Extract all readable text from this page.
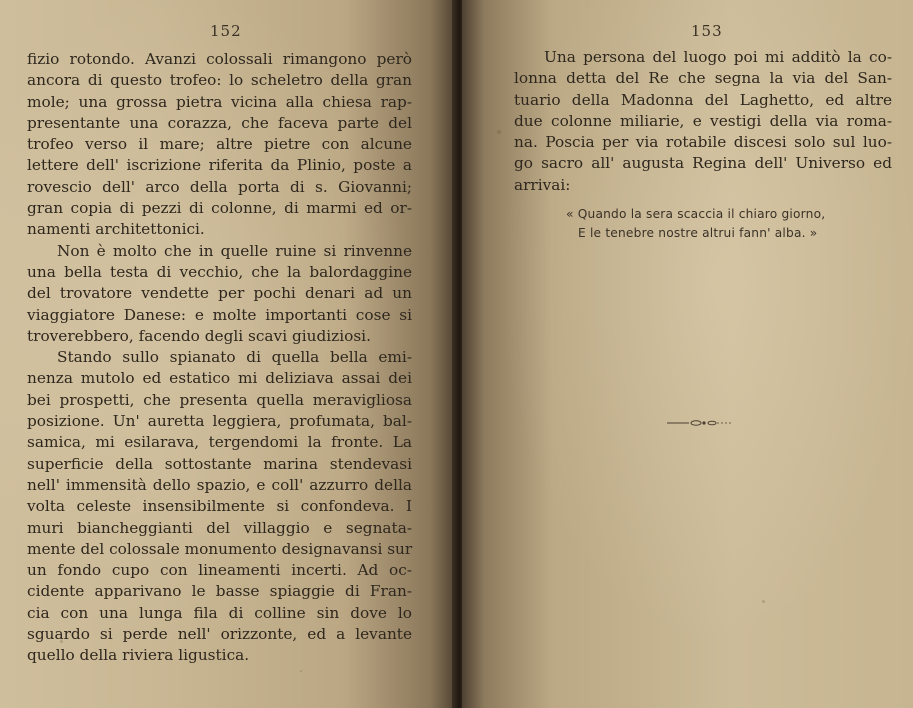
152
fizio rotondo. Avanzi colossali rimangono però
ancora di questo trofeo: lo scheletro della gran
mole; una grossa pietra vicina alla chiesa rap-
presentante una corazza, che faceva parte del
trofeo verso il mare; altre pietre con alcune
lettere dell' iscrizione riferita da Plinio, poste a
rovescio dell' arco della porta di s. Giovanni;
gran copia di pezzi di colonne, di marmi ed or-
namenti architettonici.
Non è molto che in quelle ruine si rinvenne
una bella testa di vecchio, che la balordaggine
del trovatore vendette per pochi denari ad un
viaggiatore Danese: e molte importanti cose si
troverebbero, facendo degli scavi giudiziosi.
Stando sullo spianato di quella bella emi-
nenza mutolo ed estatico mi deliziava assai dei
bei prospetti, che presenta quella meravigliosa
posizione. Un' auretta leggiera, profumata, bal-
samica, mi esilarava, tergendomi la fronte. La
superficie della sottostante marina stendevasi
nell' immensità dello spazio, e coll' azzurro della
volta celeste insensibilmente si confondeva. I
muri biancheggianti del villaggio e segnata-
mente del colossale monumento designavansi sur
un fondo cupo con lineamenti incerti. Ad oc-
cidente apparivano le basse spiaggie di Fran-
cia con una lunga fila di colline sin dove lo
sguardo si perde nell' orizzonte, ed a levante
quello della riviera ligustica.
153
Una persona del luogo poi mi additò la co-
lonna detta del Re che segna la via del San-
tuario della Madonna del Laghetto, ed altre
due colonne miliarie, e vestigi della via roma-
na. Poscia per via rotabile discesi solo sul luo-
go sacro all' augusta Regina dell' Universo ed
arrivai:
« Quando la sera scaccia il chiaro giorno,
E le tenebre nostre altrui fann' alba. »
